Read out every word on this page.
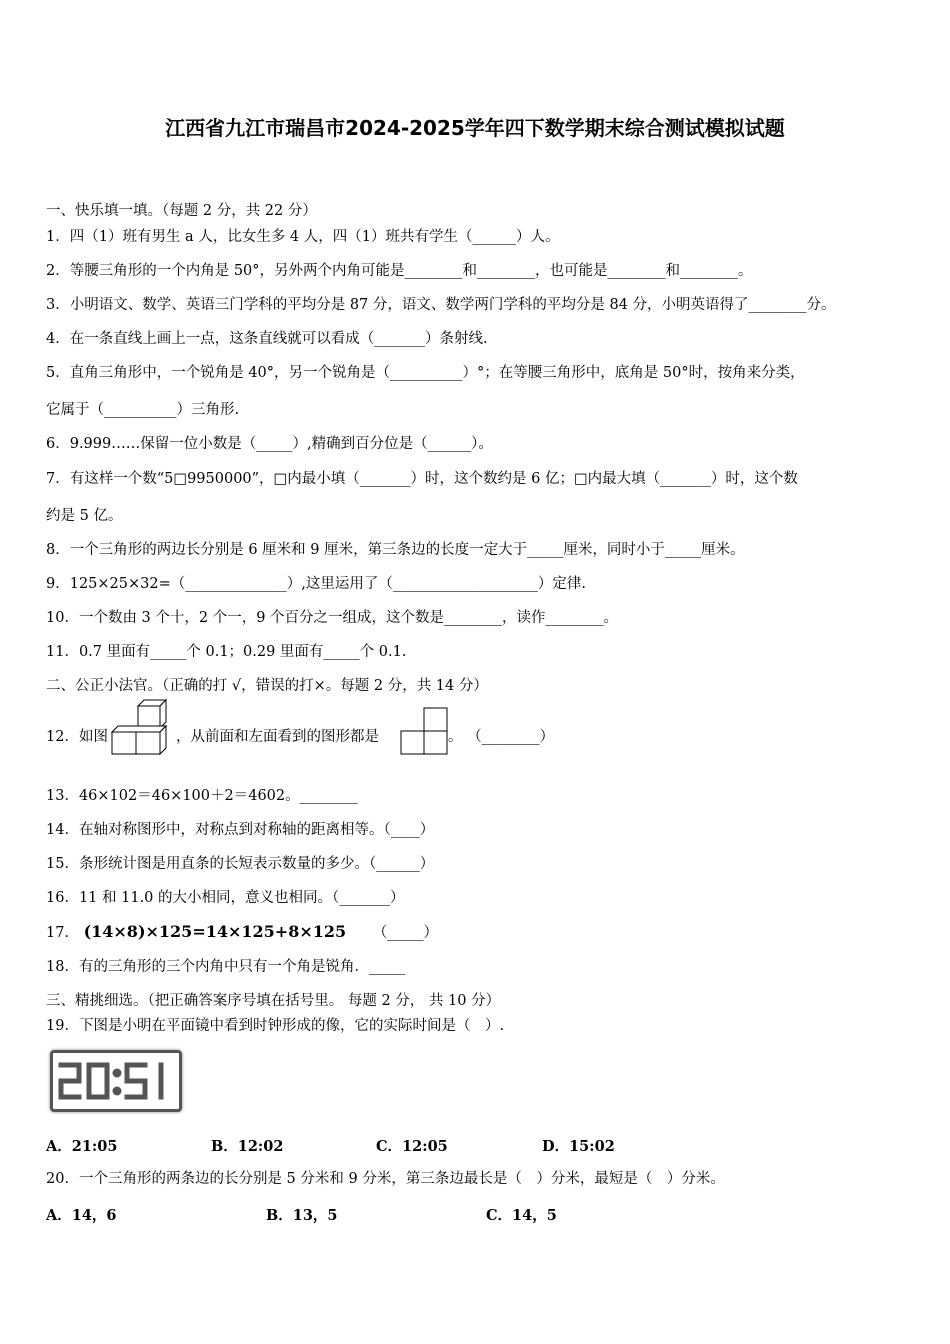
江西省九江市瑞昌市2024-2025学年四下数学期末综合测试模拟试题
一、快乐填一填。（每题 2 分，共 22 分）
1．四（1）班有男生 a 人，比女生多 4 人，四（1）班共有学生（______）人。
2．等腰三角形的一个内角是 50°，另外两个内角可能是________和________，也可能是________和________。
3．小明语文、数学、英语三门学科的平均分是 87 分，语文、数学两门学科的平均分是 84 分，小明英语得了________分。
4．在一条直线上画上一点，这条直线就可以看成（_______）条射线.
5．直角三角形中，一个锐角是 40°，另一个锐角是（__________）°；在等腰三角形中，底角是 50°时，按角来分类，
它属于（__________）三角形.
6．9.999……保留一位小数是（_____）,精确到百分位是（______）。
7．有这样一个数“5□9950000”，□内最小填（_______）时，这个数约是 6 亿；□内最大填（_______）时，这个数
约是 5 亿。
8．一个三角形的两边长分别是 6 厘米和 9 厘米，第三条边的长度一定大于_____厘米，同时小于_____厘米。
9．125×25×32=（______________）,这里运用了（____________________）定律.
10．一个数由 3 个十，2 个一，9 个百分之一组成，这个数是________，读作________。
11．0.7 里面有_____个 0.1；0.29 里面有_____个 0.1.
二、公正小法官。（正确的打 √，错误的打×。每题 2 分，共 14 分）
12．如图	，从前面和左面看到的图形都是	。 （________）
13．46×102＝46×100＋2＝4602。________
14．在轴对称图形中，对称点到对称轴的距离相等。（____）
15．条形统计图是用直条的长短表示数量的多少。（______）
16．11 和 11.0 的大小相同，意义也相同。（_______）
17． (14×8)×125=14×125+8×125 （_____）
18．有的三角形的三个内角中只有一个角是锐角．_____
三、精挑细选。（把正确答案序号填在括号里。 每题 2 分， 共 10 分）
19．下图是小明在平面镜中看到时钟形成的像，它的实际时间是（　）.
20:51
A．21:05	B．12:02	C．12:05	D．15:02
20．一个三角形的两条边的长分别是 5 分米和 9 分米，第三条边最长是（　）分米，最短是（　）分米。
A．14，6	B．13，5	C．14，5
